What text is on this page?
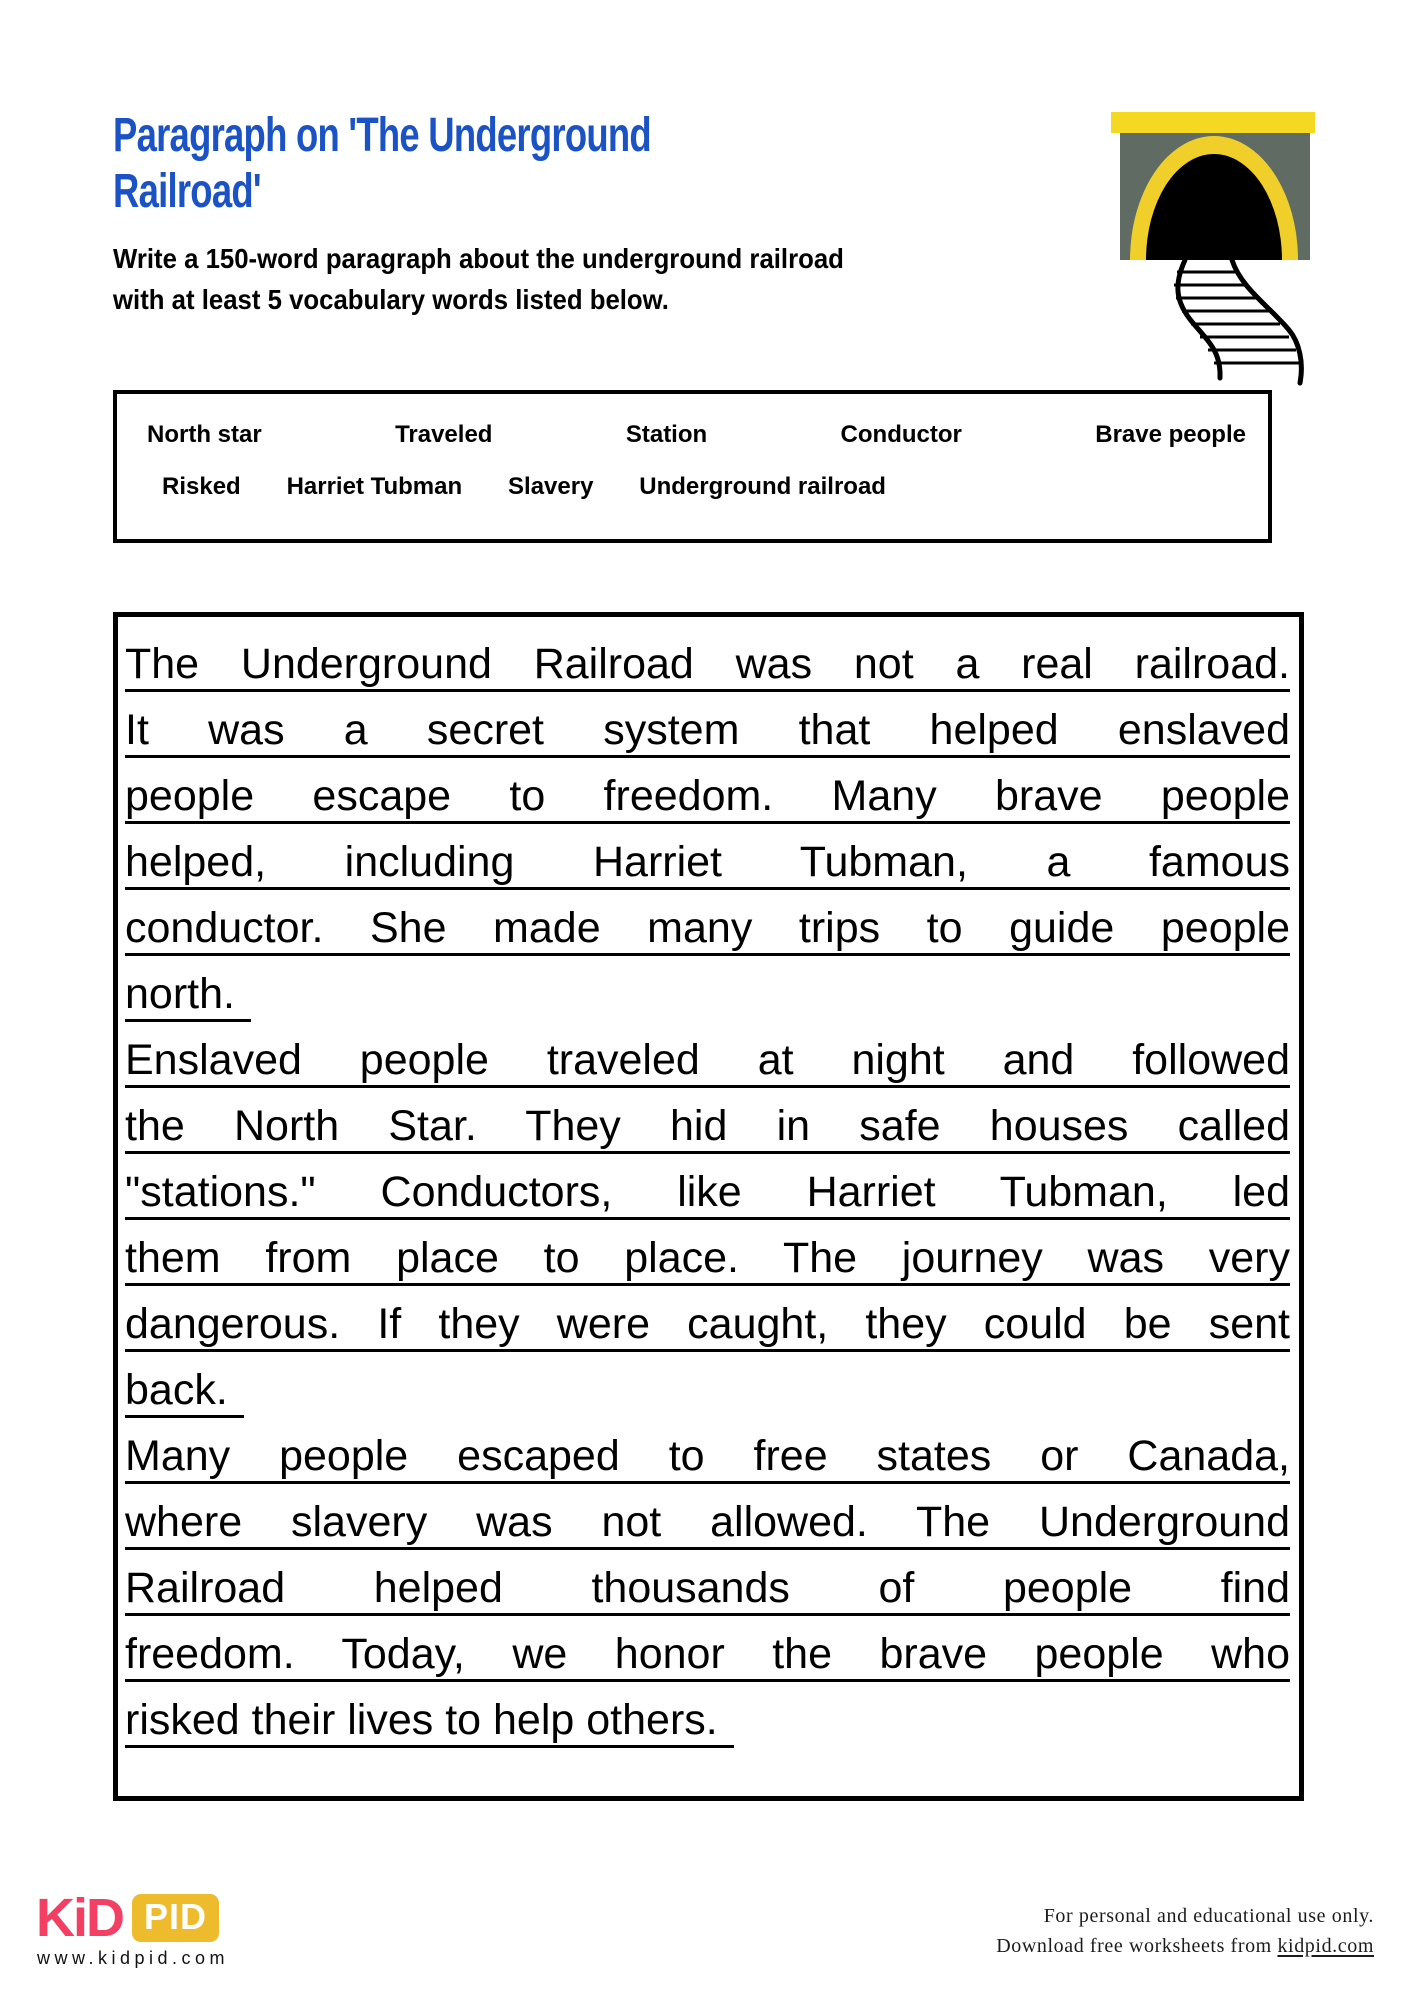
Paragraph on 'The Underground
Railroad'
Write a 150-word paragraph about the underground railroad
with at least 5 vocabulary words listed below.
North star	Traveled	Station	Conductor	Brave people
Risked Harriet Tubman Slavery Underground railroad
The Underground Railroad was not a real railroad.
It was a secret system that helped enslaved
people escape to freedom. Many brave people
helped, including Harriet Tubman, a famous
conductor. She made many trips to guide people
north.
Enslaved people traveled at night and followed
the North Star. They hid in safe houses called
"stations." Conductors, like Harriet Tubman, led
them from place to place. The journey was very
dangerous. If they were caught, they could be sent
back.
Many people escaped to free states or Canada,
where slavery was not allowed. The Underground
Railroad helped thousands of people find
freedom. Today, we honor the brave people who
risked their lives to help others.
KiD PID
www.kidpid.com
For personal and educational use only.
Download free worksheets from kidpid.com
